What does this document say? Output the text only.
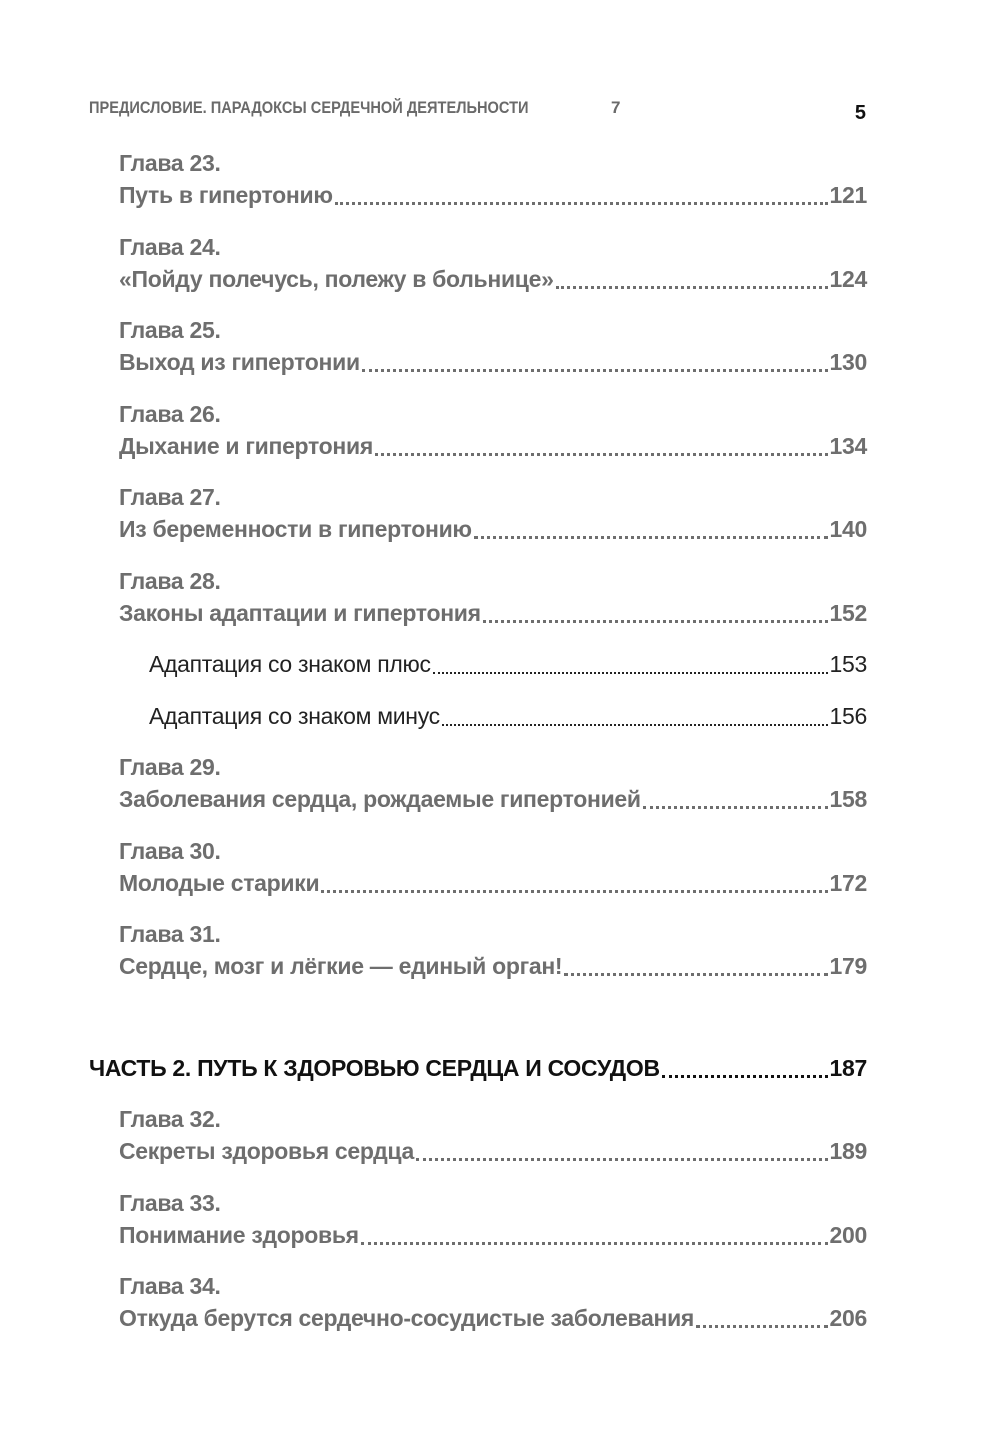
ПРЕДИСЛОВИЕ. ПАРАДОКСЫ СЕРДЕЧНОЙ ДЕЯТЕЛЬНОСТИ	7	5
Глава 23.
Путь в гипертонию	121
Глава 24.
«Пойду полечусь, полежу в больнице»	124
Глава 25.
Выход из гипертонии	130
Глава 26.
Дыхание и гипертония	134
Глава 27.
Из беременности в гипертонию	140
Глава 28.
Законы адаптации и гипертония	152
Адаптация со знаком плюс	153
Адаптация со знаком минус	156
Глава 29.
Заболевания сердца, рождаемые гипертонией	158
Глава 30.
Молодые старики	172
Глава 31.
Сердце, мозг и лёгкие — единый орган!	179
ЧАСТЬ 2. ПУТЬ К ЗДОРОВЬЮ СЕРДЦА И СОСУДОВ	187
Глава 32.
Секреты здоровья сердца	189
Глава 33.
Понимание здоровья	200
Глава 34.
Откуда берутся сердечно-сосудистые заболевания	206
